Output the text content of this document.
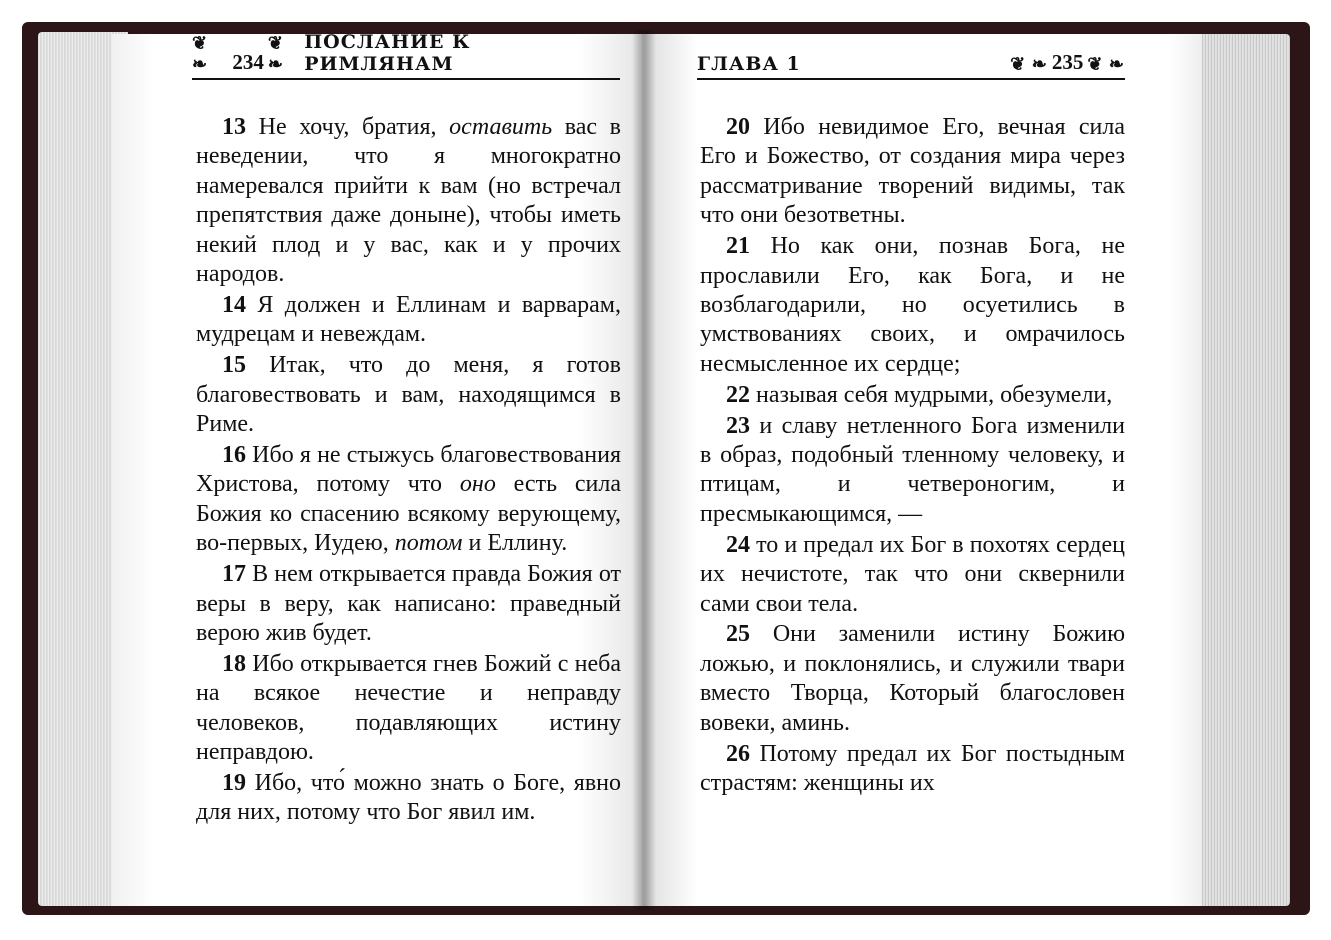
❦ ❧	234
❦ ❧
ПОСЛАНИЕ К РИМЛЯНАМ	ГЛАВА 1	❦ ❧ 235 ❦ ❧

13 Не хочу, братия, оставить вас в неведении, что я многократно намеревался прийти к вам (но встречал препятствия даже доныне), чтобы иметь некий плод и у вас, как и у прочих народов.

14 Я должен и Еллинам и варварам, мудрецам и невеждам.

15 Итак, что до меня, я готов благовествовать и вам, находящимся в Риме.

16 Ибо я не стыжусь благовествования Христова, потому что оно есть сила Божия ко спасению всякому верующему, во-первых, Иудею, потом и Еллину.

17 В нем открывается правда Божия от веры в веру, как написано: праведный верою жив будет.

18 Ибо открывается гнев Божий с неба на всякое нечестие и неправду человеков, подавляющих истину неправдою.

19 Ибо, что́ можно знать о Боге, явно для них, потому что Бог явил им.

20 Ибо невидимое Его, вечная сила Его и Божество, от создания мира через рассматривание творений видимы, так что они безответны.

21 Но как они, познав Бога, не прославили Его, как Бога, и не возблагодарили, но осуетились в умствованиях своих, и омрачилось несмысленное их сердце;

22 называя себя мудрыми, обезумели,

23 и славу нетленного Бога изменили в образ, подобный тленному человеку, и птицам, и четвероногим, и пресмыкающимся, —

24 то и предал их Бог в похотях сердец их нечистоте, так что они сквернили сами свои тела.

25 Они заменили истину Божию ложью, и поклонялись, и служили твари вместо Творца, Который благословен вовеки, аминь.

26 Потому предал их Бог постыдным страстям: женщины их
